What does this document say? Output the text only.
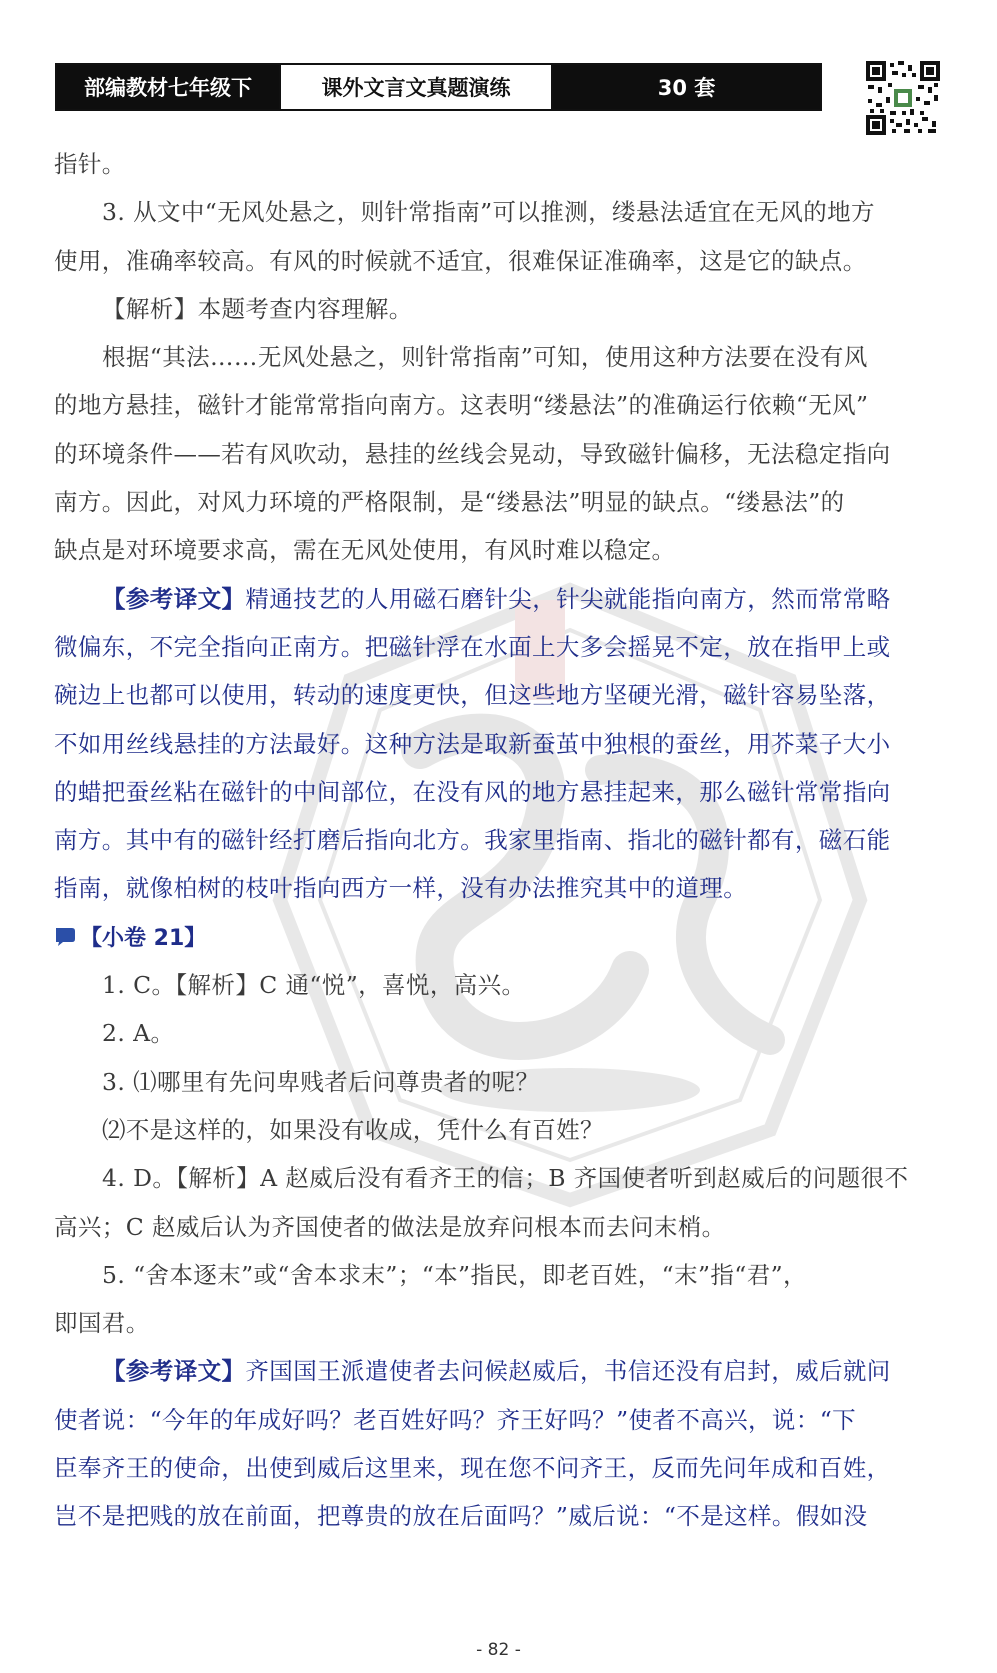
部编教材七年级下	课外文言文真题演练	30 套
指针。
3. 从文中“无风处悬之，则针常指南”可以推测，缕悬法适宜在无风的地方
使用，准确率较高。有风的时候就不适宜，很难保证准确率，这是它的缺点。
【解析】本题考查内容理解。
根据“其法……无风处悬之，则针常指南”可知，使用这种方法要在没有风
的地方悬挂，磁针才能常常指向南方。这表明“缕悬法”的准确运行依赖“无风”
的环境条件——若有风吹动，悬挂的丝线会晃动，导致磁针偏移，无法稳定指向
南方。因此，对风力环境的严格限制，是“缕悬法”明显的缺点。“缕悬法”的
缺点是对环境要求高，需在无风处使用，有风时难以稳定。
【参考译文】精通技艺的人用磁石磨针尖，针尖就能指向南方，然而常常略
微偏东，不完全指向正南方。把磁针浮在水面上大多会摇晃不定，放在指甲上或
碗边上也都可以使用，转动的速度更快，但这些地方坚硬光滑，磁针容易坠落，
不如用丝线悬挂的方法最好。这种方法是取新蚕茧中独根的蚕丝，用芥菜子大小
的蜡把蚕丝粘在磁针的中间部位，在没有风的地方悬挂起来，那么磁针常常指向
南方。其中有的磁针经打磨后指向北方。我家里指南、指北的磁针都有，磁石能
指南，就像柏树的枝叶指向西方一样，没有办法推究其中的道理。
【小卷 21】
1. C。【解析】C 通“悦”，喜悦，高兴。
2. A。
3. ⑴哪里有先问卑贱者后问尊贵者的呢？
⑵不是这样的，如果没有收成，凭什么有百姓？
4. D。【解析】A 赵威后没有看齐王的信；B 齐国使者听到赵威后的问题很不
高兴；C 赵威后认为齐国使者的做法是放弃问根本而去问末梢。
5. “舍本逐末”或“舍本求末”；“本”指民，即老百姓，“末”指“君”，
即国君。
【参考译文】齐国国王派遣使者去问候赵威后，书信还没有启封，威后就问
使者说：“今年的年成好吗？老百姓好吗？齐王好吗？”使者不高兴，说：“下
臣奉齐王的使命，出使到威后这里来，现在您不问齐王，反而先问年成和百姓，
岂不是把贱的放在前面，把尊贵的放在后面吗？”威后说：“不是这样。假如没
- 82 -
